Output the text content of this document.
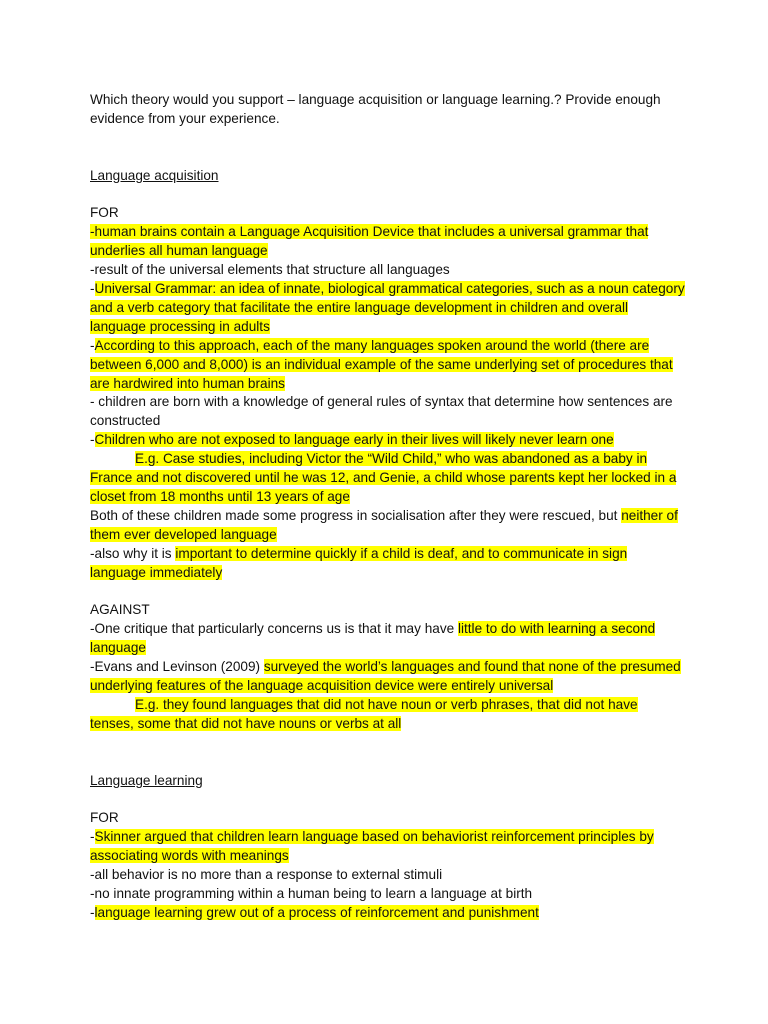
Which theory would you support – language acquisition or language learning.? Provide enough evidence from your experience.

Language acquisition

FOR

-human brains contain a Language Acquisition Device that includes a universal grammar that underlies all human language

-result of the universal elements that structure all languages

-Universal Grammar: an idea of innate, biological grammatical categories, such as a noun category and a verb category that facilitate the entire language development in children and overall language processing in adults

-According to this approach, each of the many languages spoken around the world (there are between 6,000 and 8,000) is an individual example of the same underlying set of procedures that are hardwired into human brains

- children are born with a knowledge of general rules of syntax that determine how sentences are constructed

-Children who are not exposed to language early in their lives will likely never learn one

E.g. Case studies, including Victor the “Wild Child,” who was abandoned as a baby in France and not discovered until he was 12, and Genie, a child whose parents kept her locked in a closet from 18 months until 13 years of age

Both of these children made some progress in socialisation after they were rescued, but neither of them ever developed language

-also why it is important to determine quickly if a child is deaf, and to communicate in sign language immediately

AGAINST

-One critique that particularly concerns us is that it may have little to do with learning a second language

-Evans and Levinson (2009) surveyed the world’s languages and found that none of the presumed underlying features of the language acquisition device were entirely universal

E.g. they found languages that did not have noun or verb phrases, that did not have tenses, some that did not have nouns or verbs at all

Language learning

FOR

-Skinner argued that children learn language based on behaviorist reinforcement principles by associating words with meanings

-all behavior is no more than a response to external stimuli

-no innate programming within a human being to learn a language at birth

-language learning grew out of a process of reinforcement and punishment
